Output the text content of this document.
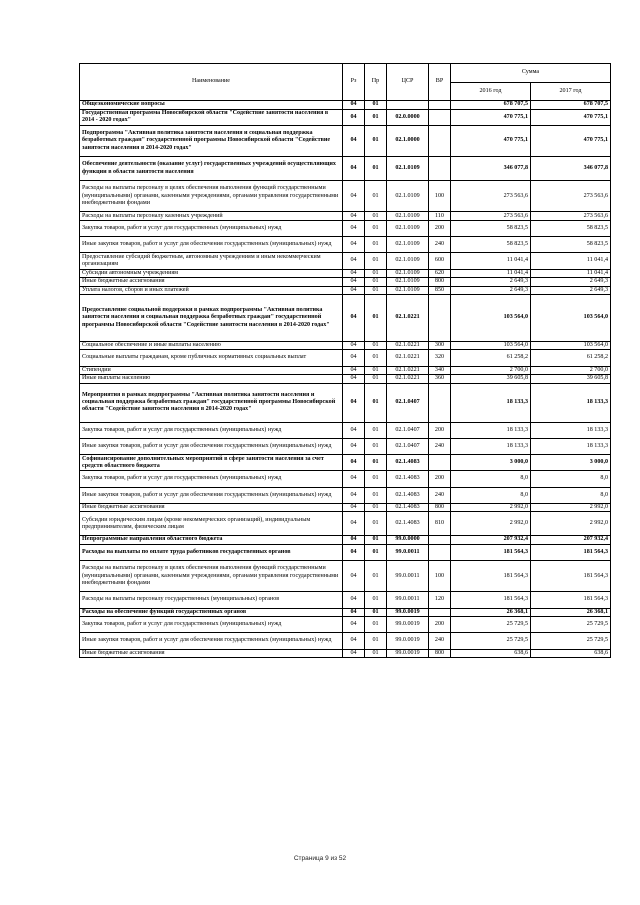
Наименование	Рз	Пр	ЦСР	ВР	Сумма	
					2016 год	2017 год
Общеэкономические вопросы	04	01			678 707,5	678 707,5
Государственная программа Новосибирской области "Содействие занятости населения в 2014 - 2020 годах"	04	01	02.0.0000		470 775,1	470 775,1
Подпрограмма "Активная политика занятости населения и социальная поддержка безработных граждан" государственной программы Новосибирской области "Содействие занятости населения в 2014-2020 годах"	04	01	02.1.0000		470 775,1	470 775,1
Обеспечение деятельности (оказание услуг) государственных учреждений осуществляющих функции в области занятости населения	04	01	02.1.0109		346 077,8	346 077,8
Расходы на выплаты персоналу в целях обеспечения выполнения функций государственными (муниципальными) органами, казенными учреждениями, органами управления государственными внебюджетными фондами	04	01	02.1.0109	100	273 563,6	273 563,6
Расходы на выплаты персоналу казенных учреждений	04	01	02.1.0109	110	273 563,6	273 563,6
Закупка товаров, работ и услуг для государственных (муниципальных) нужд	04	01	02.1.0109	200	58 823,5	58 823,5
Иные закупки товаров, работ и услуг для обеспечения государственных (муниципальных) нужд	04	01	02.1.0109	240	58 823,5	58 823,5
Предоставление субсидий бюджетным, автономным учреждениям и иным некоммерческим организациям	04	01	02.1.0109	600	11 041,4	11 041,4
Субсидии автономным учреждениям	04	01	02.1.0109	620	11 041,4	11 041,4
Иные бюджетные ассигнования	04	01	02.1.0109	800	2 649,3	2 649,3
Уплата налогов, сборов и иных платежей	04	01	02.1.0109	850	2 649,3	2 649,3
Предоставление социальной поддержки в рамках подпрограммы "Активная политика занятости населения и социальная поддержка безработных граждан" государственной программы Новосибирской области "Содействие занятости населения в 2014-2020 годах"	04	01	02.1.0221		103 564,0	103 564,0
Социальное обеспечение и иные выплаты населению	04	01	02.1.0221	300	103 564,0	103 564,0
Социальные выплаты гражданам, кроме публичных нормативных социальных выплат	04	01	02.1.0221	320	61 258,2	61 258,2
Стипендии	04	01	02.1.0221	340	2 700,0	2 700,0
Иные выплаты населению	04	01	02.1.0221	360	39 605,8	39 605,8
Мероприятия в рамках подпрограммы "Активная политика занятости населения и социальная поддержка безработных граждан" государственной программы Новосибирской области "Содействие занятости населения в 2014-2020 годах"	04	01	02.1.0407		18 133,3	18 133,3
Закупка товаров, работ и услуг для государственных (муниципальных) нужд	04	01	02.1.0407	200	18 133,3	18 133,3
Иные закупки товаров, работ и услуг для обеспечения государственных (муниципальных) нужд	04	01	02.1.0407	240	18 133,3	18 133,3
Софинансирование дополнительных мероприятий в сфере занятости населения за счет средств областного бюджета	04	01	02.1.4083		3 000,0	3 000,0
Закупка товаров, работ и услуг для государственных (муниципальных) нужд	04	01	02.1.4083	200	8,0	8,0
Иные закупки товаров, работ и услуг для обеспечения государственных (муниципальных) нужд	04	01	02.1.4083	240	8,0	8,0
Иные бюджетные ассигнования	04	01	02.1.4083	800	2 992,0	2 992,0
Субсидии юридическим лицам (кроме некоммерческих организаций), индивидуальным предпринимателям, физическим лицам	04	01	02.1.4083	810	2 992,0	2 992,0
Непрограммные направления областного бюджета	04	01	99.0.0000		207 932,4	207 932,4
Расходы на выплаты по оплате труда работников государственных органов	04	01	99.0.0011		181 564,3	181 564,3
Расходы на выплаты персоналу в целях обеспечения выполнения функций государственными (муниципальными) органами, казенными учреждениями, органами управления государственными внебюджетными фондами	04	01	99.0.0011	100	181 564,3	181 564,3
Расходы на выплаты персоналу государственных (муниципальных) органов	04	01	99.0.0011	120	181 564,3	181 564,3
Расходы на обеспечение функций государственных органов	04	01	99.0.0019		26 368,1	26 368,1
Закупка товаров, работ и услуг для государственных (муниципальных) нужд	04	01	99.0.0019	200	25 729,5	25 729,5
Иные закупки товаров, работ и услуг для обеспечения государственных (муниципальных) нужд	04	01	99.0.0019	240	25 729,5	25 729,5
Иные бюджетные ассигнования	04	01	99.0.0019	800	638,6	638,6
Страница 9 из 52
